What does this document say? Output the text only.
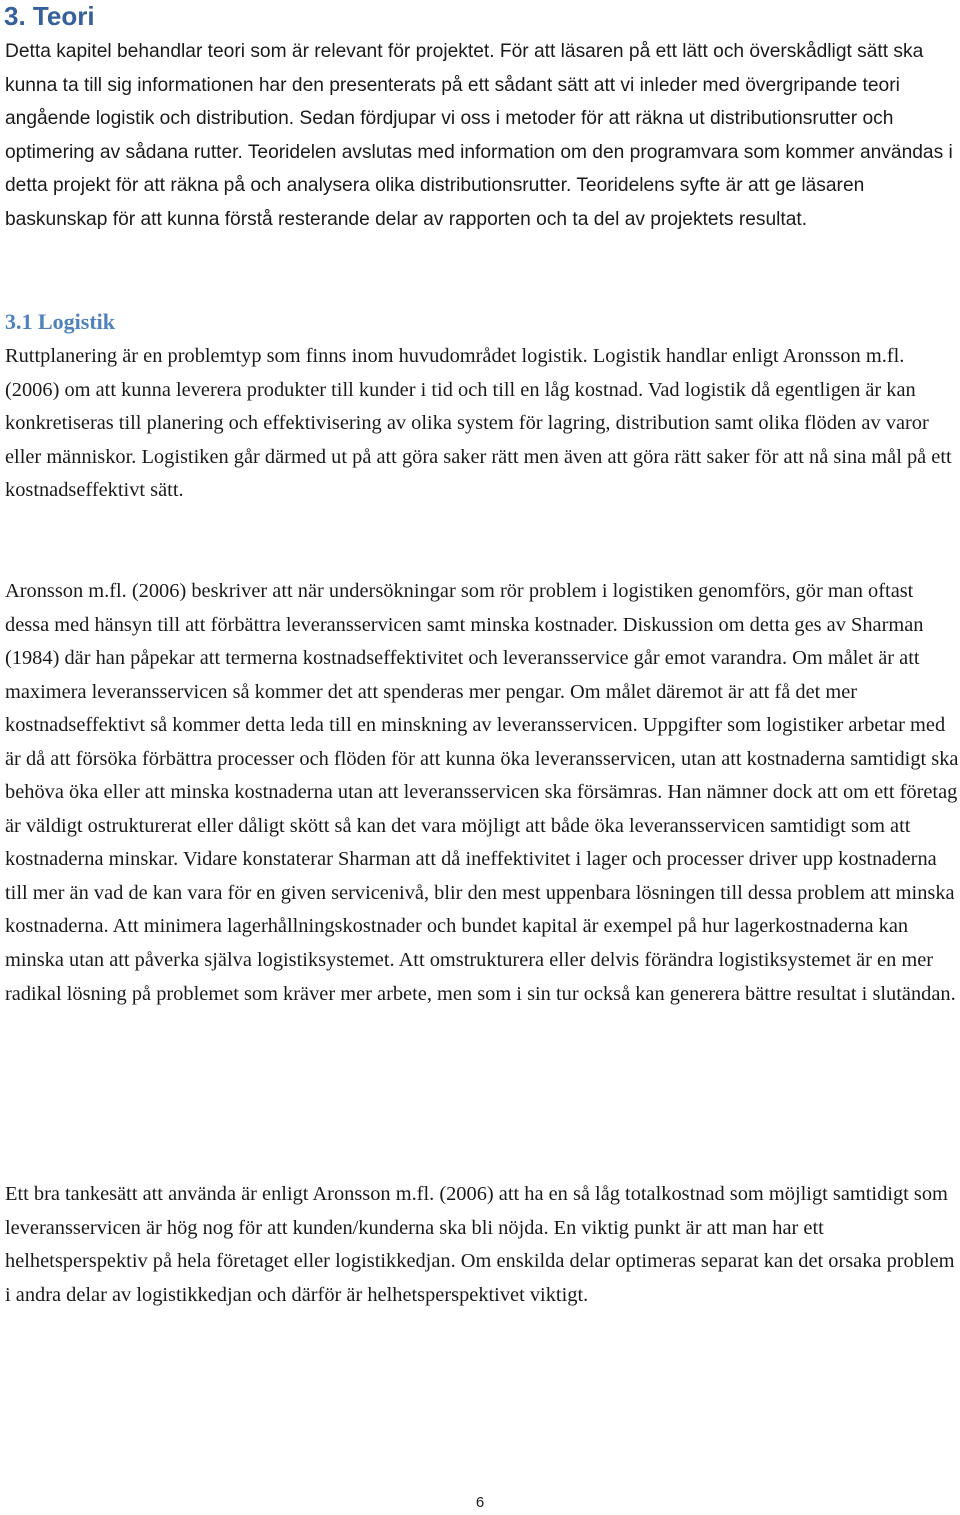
3. Teori

Detta kapitel behandlar teori som är relevant för projektet. För att läsaren på ett lätt och överskådligt sätt ska kunna ta till sig informationen har den presenterats på ett sådant sätt att vi inleder med övergripande teori angående logistik och distribution. Sedan fördjupar vi oss i metoder för att räkna ut distributionsrutter och optimering av sådana rutter. Teoridelen avslutas med information om den programvara som kommer användas i detta projekt för att räkna på och analysera olika distributionsrutter. Teoridelens syfte är att ge läsaren baskunskap för att kunna förstå resterande delar av rapporten och ta del av projektets resultat.

3.1 Logistik

Ruttplanering är en problemtyp som finns inom huvudområdet logistik. Logistik handlar enligt Aronsson m.fl. (2006) om att kunna leverera produkter till kunder i tid och till en låg kostnad. Vad logistik då egentligen är kan konkretiseras till planering och effektivisering av olika system för lagring, distribution samt olika flöden av varor eller människor. Logistiken går därmed ut på att göra saker rätt men även att göra rätt saker för att nå sina mål på ett kostnadseffektivt sätt.

Aronsson m.fl. (2006) beskriver att när undersökningar som rör problem i logistiken genomförs, gör man oftast dessa med hänsyn till att förbättra leveransservicen samt minska kostnader. Diskussion om detta ges av Sharman (1984) där han påpekar att termerna kostnadseffektivitet och leveransservice går emot varandra. Om målet är att maximera leveransservicen så kommer det att spenderas mer pengar. Om målet däremot är att få det mer kostnadseffektivt så kommer detta leda till en minskning av leveransservicen. Uppgifter som logistiker arbetar med är då att försöka förbättra processer och flöden för att kunna öka leveransservicen, utan att kostnaderna samtidigt ska behöva öka eller att minska kostnaderna utan att leveransservicen ska försämras. Han nämner dock att om ett företag är väldigt ostrukturerat eller dåligt skött så kan det vara möjligt att både öka leveransservicen samtidigt som att kostnaderna minskar. Vidare konstaterar Sharman att då ineffektivitet i lager och processer driver upp kostnaderna till mer än vad de kan vara för en given servicenivå, blir den mest uppenbara lösningen till dessa problem att minska kostnaderna. Att minimera lagerhållningskostnader och bundet kapital är exempel på hur lagerkostnaderna kan minska utan att påverka själva logistiksystemet. Att omstrukturera eller delvis förändra logistiksystemet är en mer radikal lösning på problemet som kräver mer arbete, men som i sin tur också kan generera bättre resultat i slutändan.

Ett bra tankesätt att använda är enligt Aronsson m.fl. (2006) att ha en så låg totalkostnad som möjligt samtidigt som leveransservicen är hög nog för att kunden/kunderna ska bli nöjda. En viktig punkt är att man har ett helhetsperspektiv på hela företaget eller logistikkedjan. Om enskilda delar optimeras separat kan det orsaka problem i andra delar av logistikkedjan och därför är helhetsperspektivet viktigt.

6
